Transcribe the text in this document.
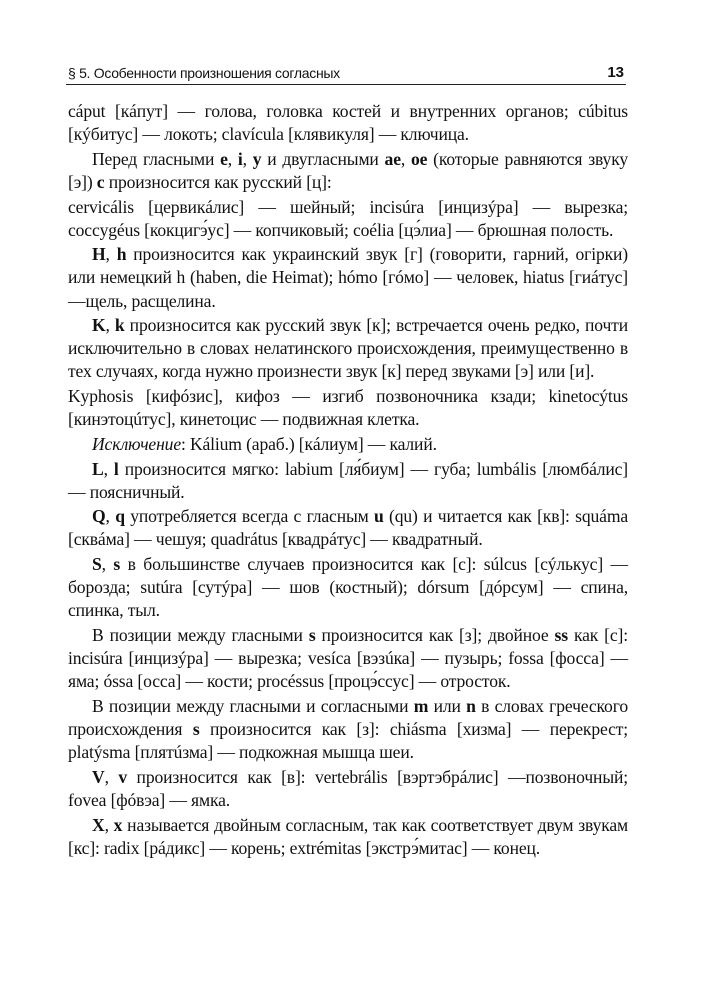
§ 5. Особенности произношения согласных	13

cáput [кáпут] — голова, головка костей и внутренних органов; cúbitus [кýбитус] — локоть; clavícula [клявикуля] — ключица.

Перед гласными e, i, y и двугласными ae, oe (которые равняются звуку [э]) c произносится как русский [ц]:

cervicális [цервикáлис] — шейный; incisúra [инцизýра] — вырезка; coccygéus [кокцигэ́ус] — копчиковый; coélia [цэ́лиа] — брюшная полость.

H, h произносится как украинский звук [г] (говорити, гарний, огірки) или немецкий h (haben, die Heimat); hómo [гóмо] — человек, hiatus [гиáтус] —щель, расщелина.

K, k произносится как русский звук [к]; встречается очень редко, почти исключительно в словах нелатинского происхождения, преимущественно в тех случаях, когда нужно произнести звук [к] перед звуками [э] или [и].

Kyphosis [кифóзис], кифоз — изгиб позвоночника кзади; kinetocýtus [кинэтоцúтус], кинетоцис — подвижная клетка.

Исключение: Kálium (араб.) [кáлиум] — калий.

L, l произносится мягко: labium [ля́биум] — губа; lumbális [люмбáлис] — поясничный.

Q, q употребляется всегда с гласным u (qu) и читается как [кв]: squáma [сквáма] — чешуя; quadrátus [квадрáтус] — квадратный.

S, s в большинстве случаев произносится как [с]: súlcus [сýлькус] — борозда; sutúra [сутýра] — шов (костный); dórsum [дóрсум] — спина, спинка, тыл.

В позиции между гласными s произносится как [з]; двойное ss как [с]: incisúra [инцизýра] — вырезка; vesíca [вэзúка] — пузырь; fossa [фосса] — яма; óssa [осса] — кости; procéssus [процэ́ссус] — отросток.

В позиции между гласными и согласными m или n в словах греческого происхождения s произносится как [з]: chiásma [хизма] — перекрест; platýsma [плятúзма] — подкожная мышца шеи.

V, v произносится как [в]: vertebrális [вэртэбрáлис] —позвоночный; fovea [фóвэа] — ямка.

X, x называется двойным согласным, так как соответствует двум звукам [кс]: radix [рáдикс] — корень; extrémitas [экстрэ́митас] — конец.
